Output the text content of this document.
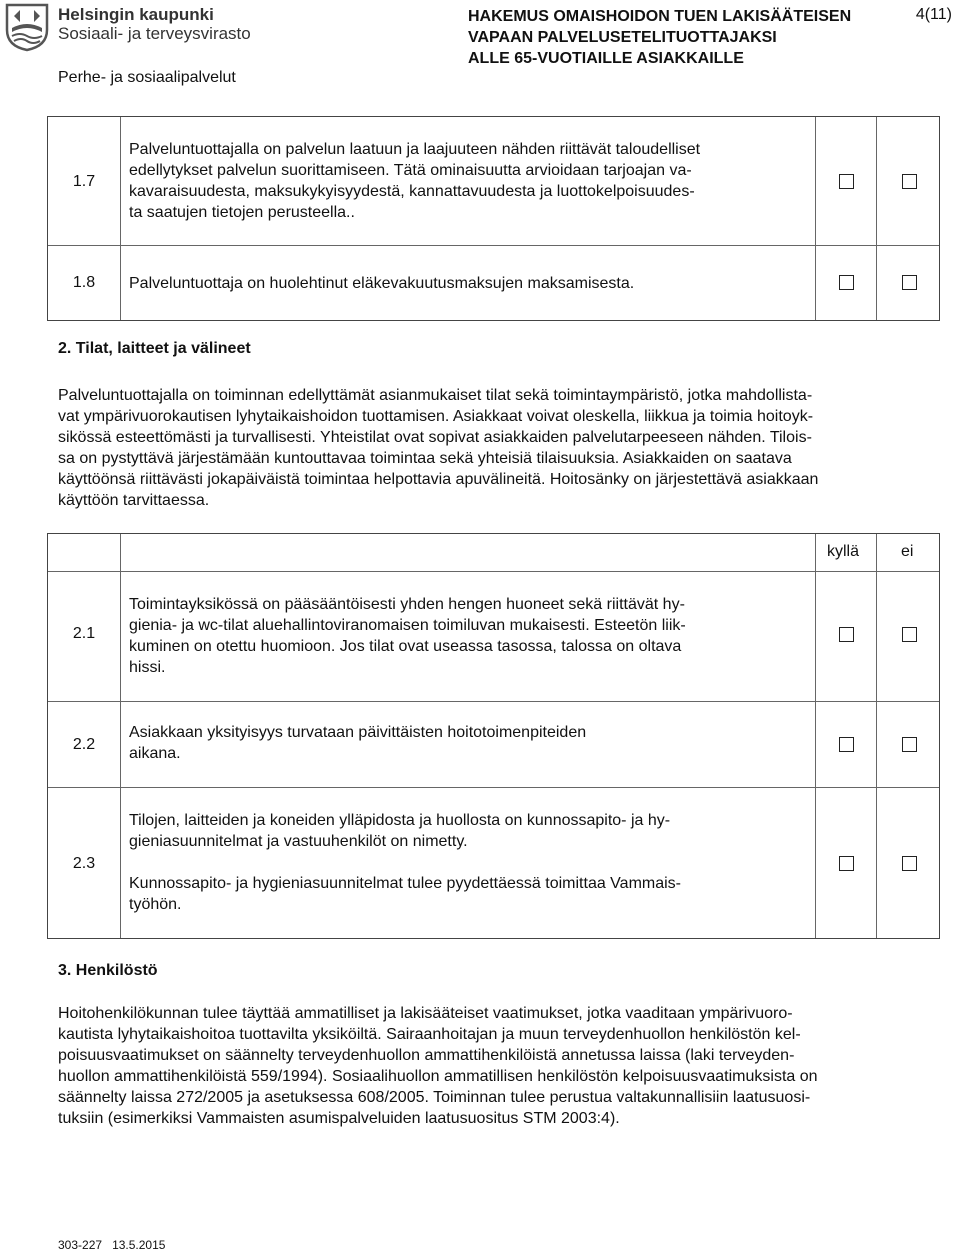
Helsingin kaupunki
Sosiaali- ja terveysvirasto
Perhe- ja sosiaalipalvelut
HAKEMUS OMAISHOIDON TUEN LAKISÄÄTEISEN
VAPAAN PALVELUSETELITUOTTAJAKSI
ALLE 65-VUOTIAILLE ASIAKKAILLE
4(11)
1.7
Palveluntuottajalla on palvelun laatuun ja laajuuteen nähden riittävät taloudelliset
edellytykset palvelun suorittamiseen. Tätä ominaisuutta arvioidaan tarjoajan va-
kavaraisuudesta, maksukykyisyydestä, kannattavuudesta ja luottokelpoisuudes-
ta saatujen tietojen perusteella..
1.8	Palveluntuottaja on huolehtinut eläkevakuutusmaksujen maksamisesta.
2. Tilat, laitteet ja välineet
Palveluntuottajalla on toiminnan edellyttämät asianmukaiset tilat sekä toimintaympäristö, jotka mahdollista-
vat ympärivuorokautisen lyhytaikaishoidon tuottamisen. Asiakkaat voivat oleskella, liikkua ja toimia hoitoyk-
sikössä esteettömästi ja turvallisesti. Yhteistilat ovat sopivat asiakkaiden palvelutarpeeseen nähden. Tilois-
sa on pystyttävä järjestämään kuntouttavaa toimintaa sekä yhteisiä tilaisuuksia. Asiakkaiden on saatava
käyttöönsä riittävästi jokapäiväistä toimintaa helpottavia apuvälineitä. Hoitosänky on järjestettävä asiakkaan
käyttöön tarvittaessa.
kyllä	ei
2.1
Toimintayksikössä on pääsääntöisesti yhden hengen huoneet sekä riittävät hy-
gienia- ja wc-tilat aluehallintoviranomaisen toimiluvan mukaisesti. Esteetön liik-
kuminen on otettu huomioon. Jos tilat ovat useassa tasossa, talossa on oltava
hissi.
2.2
Asiakkaan yksityisyys turvataan päivittäisten hoitotoimenpiteiden
aikana.
2.3
Tilojen, laitteiden ja koneiden ylläpidosta ja huollosta on kunnossapito- ja hy-
gieniasuunnitelmat ja vastuuhenkilöt on nimetty.
Kunnossapito- ja hygieniasuunnitelmat tulee pyydettäessä toimittaa Vammais-
työhön.
3. Henkilöstö
Hoitohenkilökunnan tulee täyttää ammatilliset ja lakisääteiset vaatimukset, jotka vaaditaan ympärivuoro-
kautista lyhytaikaishoitoa tuottavilta yksiköiltä. Sairaanhoitajan ja muun terveydenhuollon henkilöstön kel-
poisuusvaatimukset on säännelty terveydenhuollon ammattihenkilöistä annetussa laissa (laki terveyden-
huollon ammattihenkilöistä 559/1994). Sosiaalihuollon ammatillisen henkilöstön kelpoisuusvaatimuksista on
säännelty laissa 272/2005 ja asetuksessa 608/2005. Toiminnan tulee perustua valtakunnallisiin laatusuosi-
tuksiin (esimerkiksi Vammaisten asumispalveluiden laatusuositus STM 2003:4).
303-227 13.5.2015
